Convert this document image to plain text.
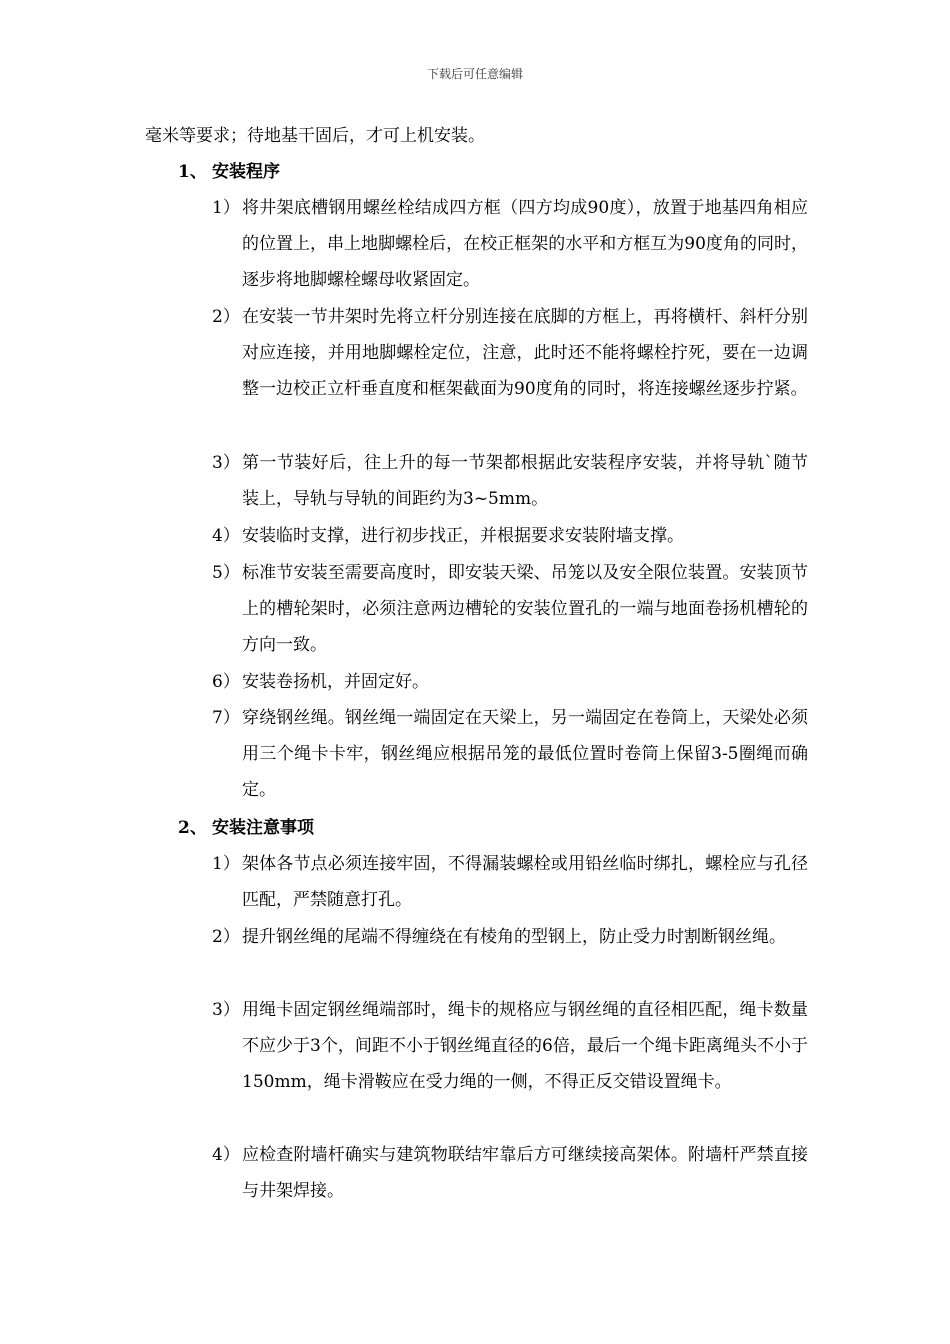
下载后可任意编辑
毫米等要求；待地基干固后，才可上机安装。
1、 安装程序
1） 将井架底槽钢用螺丝栓结成四方框（四方均成90度），放置于地基四角相应的位置上，串上地脚螺栓后，在校正框架的水平和方框互为90度角的同时，逐步将地脚螺栓螺母收紧固定。
2） 在安装一节井架时先将立杆分别连接在底脚的方框上，再将横杆、斜杆分别对应连接，并用地脚螺栓定位，注意，此时还不能将螺栓拧死，要在一边调整一边校正立杆垂直度和框架截面为90度角的同时，将连接螺丝逐步拧紧。
3） 第一节装好后，往上升的每一节架都根据此安装程序安装，并将导轨`随节装上，导轨与导轨的间距约为3~5mm。
4） 安装临时支撑，进行初步找正，并根据要求安装附墙支撑。
5） 标准节安装至需要高度时，即安装天梁、吊笼以及安全限位装置。安装顶节上的槽轮架时，必须注意两边槽轮的安装位置孔的一端与地面卷扬机槽轮的方向一致。
6） 安装卷扬机，并固定好。
7） 穿绕钢丝绳。钢丝绳一端固定在天梁上，另一端固定在卷筒上，天梁处必须用三个绳卡卡牢，钢丝绳应根据吊笼的最低位置时卷筒上保留3-5圈绳而确定。
2、 安装注意事项
1） 架体各节点必须连接牢固，不得漏装螺栓或用铅丝临时绑扎，螺栓应与孔径匹配，严禁随意打孔。
2） 提升钢丝绳的尾端不得缠绕在有棱角的型钢上，防止受力时割断钢丝绳。
3） 用绳卡固定钢丝绳端部时，绳卡的规格应与钢丝绳的直径相匹配，绳卡数量不应少于3个，间距不小于钢丝绳直径的6倍，最后一个绳卡距离绳头不小于150mm，绳卡滑鞍应在受力绳的一侧，不得正反交错设置绳卡。
4） 应检查附墙杆确实与建筑物联结牢靠后方可继续接高架体。附墙杆严禁直接与井架焊接。
